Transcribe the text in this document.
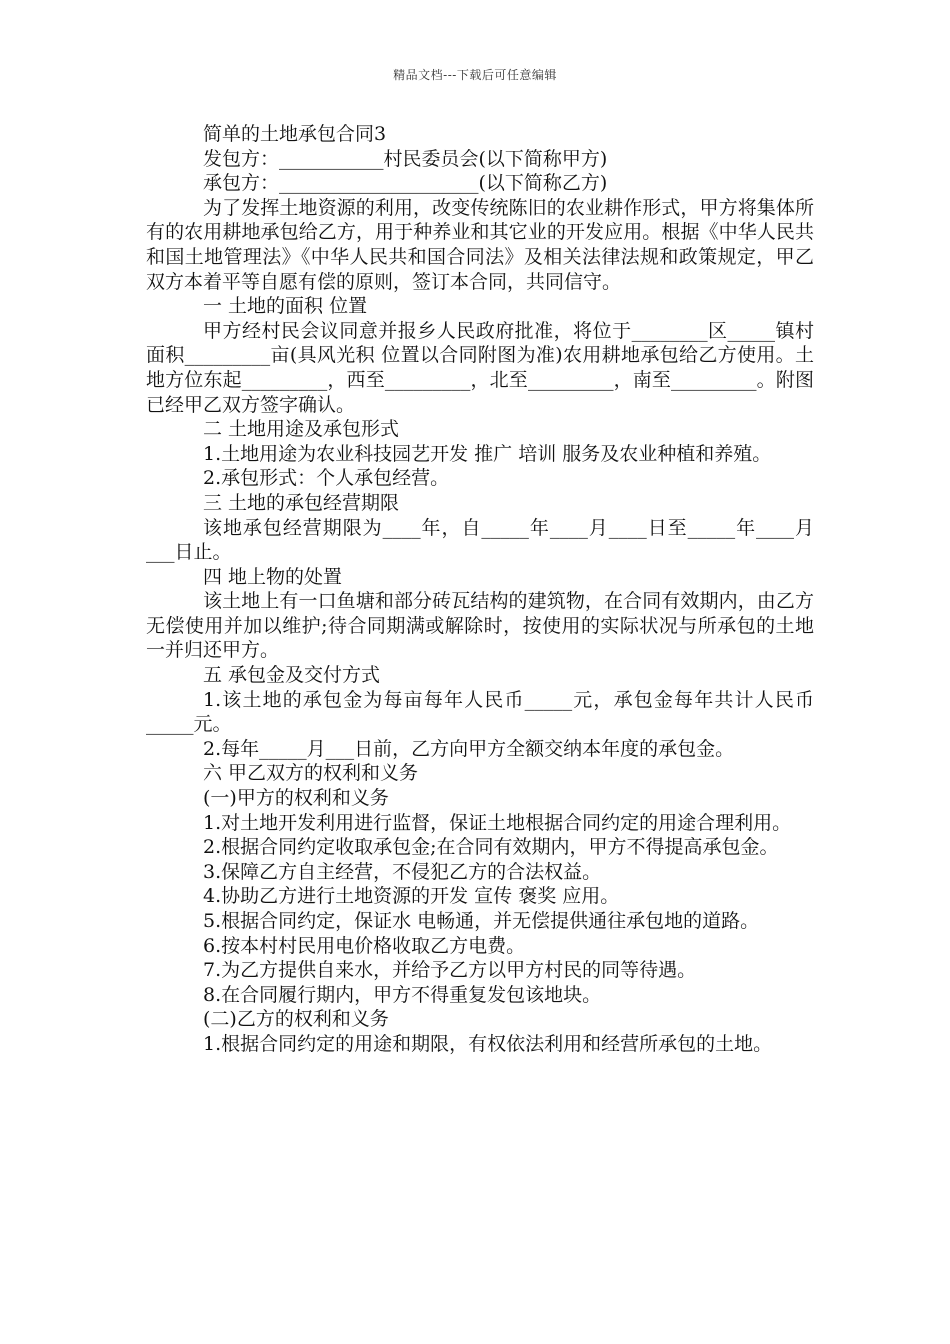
精品文档---下载后可任意编辑

简单的土地承包合同3

发包方：___________村民委员会(以下简称甲方)

承包方：_____________________(以下简称乙方)

为了发挥土地资源的利用，改变传统陈旧的农业耕作形式，甲方将集体所有的农用耕地承包给乙方，用于种养业和其它业的开发应用。根据《中华人民共和国土地管理法》《中华人民共和国合同法》及相关法律法规和政策规定，甲乙双方本着平等自愿有偿的原则，签订本合同，共同信守。

一 土地的面积 位置

甲方经村民会议同意并报乡人民政府批准，将位于________区_____镇村面积_________亩(具风光积 位置以合同附图为准)农用耕地承包给乙方使用。土地方位东起_________，西至_________，北至_________，南至_________。附图已经甲乙双方签字确认。

二 土地用途及承包形式

1.土地用途为农业科技园艺开发 推广 培训 服务及农业种植和养殖。

2.承包形式：个人承包经营。

三 土地的承包经营期限

该地承包经营期限为____年，自_____年____月____日至_____年____月___日止。

四 地上物的处置

该土地上有一口鱼塘和部分砖瓦结构的建筑物，在合同有效期内，由乙方无偿使用并加以维护;待合同期满或解除时，按使用的实际状况与所承包的土地一并归还甲方。

五 承包金及交付方式

1.该土地的承包金为每亩每年人民币_____元，承包金每年共计人民币_____元。

2.每年_____月___日前，乙方向甲方全额交纳本年度的承包金。

六 甲乙双方的权利和义务

(一)甲方的权利和义务

1.对土地开发利用进行监督，保证土地根据合同约定的用途合理利用。

2.根据合同约定收取承包金;在合同有效期内，甲方不得提高承包金。

3.保障乙方自主经营，不侵犯乙方的合法权益。

4.协助乙方进行土地资源的开发 宣传 褒奖 应用。

5.根据合同约定，保证水 电畅通，并无偿提供通往承包地的道路。

6.按本村村民用电价格收取乙方电费。

7.为乙方提供自来水，并给予乙方以甲方村民的同等待遇。

8.在合同履行期内，甲方不得重复发包该地块。

(二)乙方的权利和义务

1.根据合同约定的用途和期限，有权依法利用和经营所承包的土地。
